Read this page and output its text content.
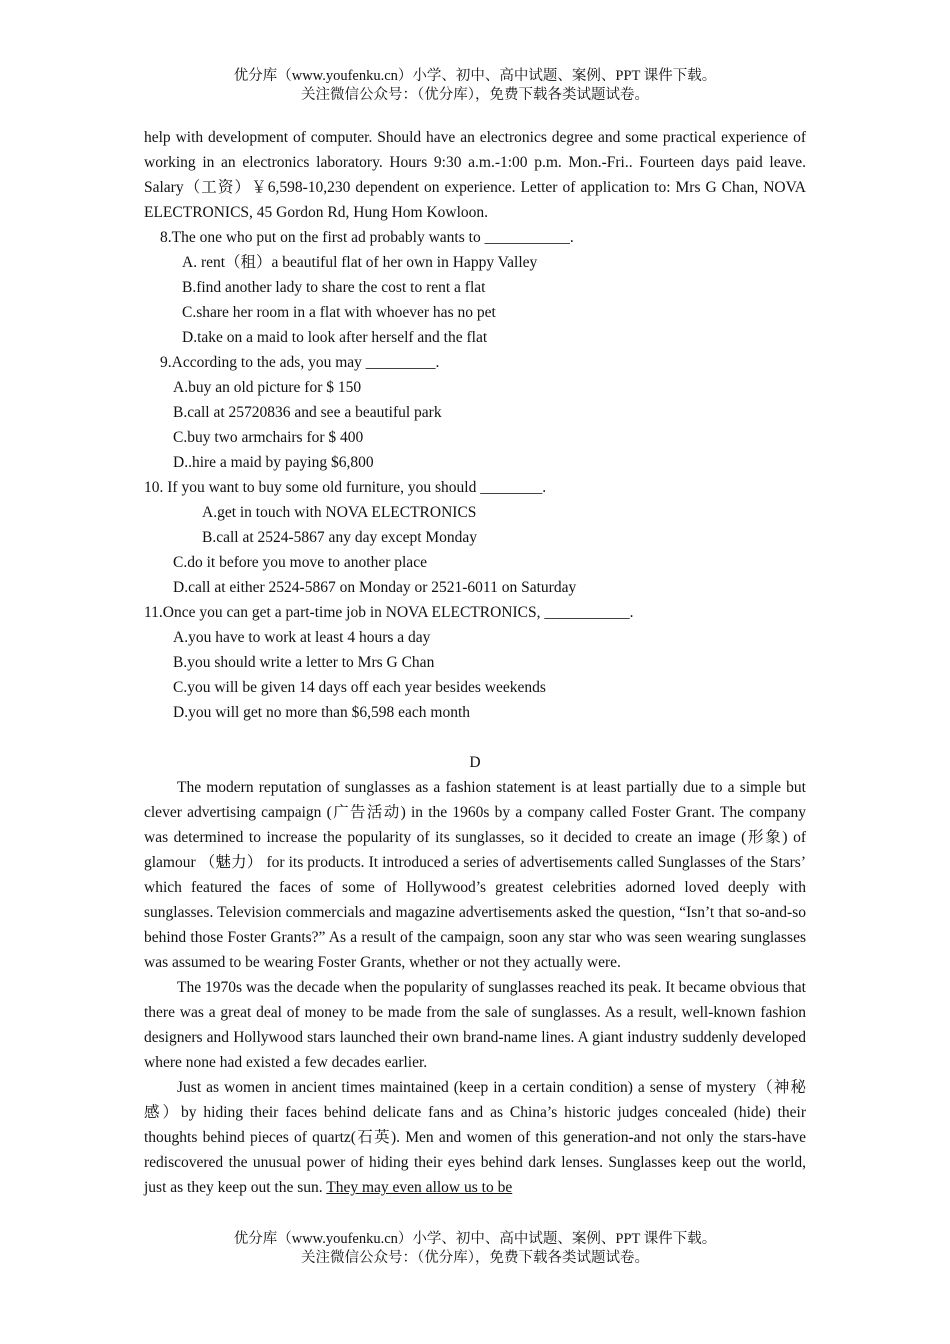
优分库（www.youfenku.cn）小学、初中、高中试题、案例、PPT 课件下载。
关注微信公众号：（优分库），免费下载各类试题试卷。

help with development of computer. Should have an electronics degree and some practical experience of working in an electronics laboratory. Hours 9:30 a.m.-1:00 p.m. Mon.-Fri.. Fourteen days paid leave. Salary（工资）￥6,598-10,230 dependent on experience. Letter of application to: Mrs G Chan, NOVA ELECTRONICS, 45 Gordon Rd, Hung Hom Kowloon.

8.The one who put on the first ad probably wants to ___________.

A. rent（租）a beautiful flat of her own in Happy Valley

B.find another lady to share the cost to rent a flat

C.share her room in a flat with whoever has no pet

D.take on a maid to look after herself and the flat

9.According to the ads, you may _________.

A.buy an old picture for $ 150

B.call at 25720836 and see a beautiful park

C.buy two armchairs for $ 400

D..hire a maid by paying $6,800

10. If you want to buy some old furniture, you should ________.

A.get in touch with NOVA ELECTRONICS

B.call at 2524-5867 any day except Monday

C.do it before you move to another place

D.call at either 2524-5867 on Monday or 2521-6011 on Saturday

11.Once you can get a part-time job in NOVA ELECTRONICS, ___________.

A.you have to work at least 4 hours a day

B.you should write a letter to Mrs G Chan

C.you will be given 14 days off each year besides weekends

D.you will get no more than $6,598 each month

D

The modern reputation of sunglasses as a fashion statement is at least partially due to a simple but clever advertising campaign (广告活动) in the 1960s by a company called Foster Grant. The company was determined to increase the popularity of its sunglasses, so it decided to create an image (形象) of glamour （魅力） for its products. It introduced a series of advertisements called Sunglasses of the Stars’ which featured the faces of some of Hollywood’s greatest celebrities adorned loved deeply with sunglasses. Television commercials and magazine advertisements asked the question, “Isn’t that so-and-so behind those Foster Grants?” As a result of the campaign, soon any star who was seen wearing sunglasses was assumed to be wearing Foster Grants, whether or not they actually were.

The 1970s was the decade when the popularity of sunglasses reached its peak. It became obvious that there was a great deal of money to be made from the sale of sunglasses. As a result, well-known fashion designers and Hollywood stars launched their own brand-name lines. A giant industry suddenly developed where none had existed a few decades earlier.

Just as women in ancient times maintained (keep in a certain condition) a sense of mystery（神秘感）by hiding their faces behind delicate fans and as China’s historic judges concealed (hide) their thoughts behind pieces of quartz(石英). Men and women of this generation-and not only the stars-have rediscovered the unusual power of hiding their eyes behind dark lenses. Sunglasses keep out the world, just as they keep out the sun. They may even allow us to be

优分库（www.youfenku.cn）小学、初中、高中试题、案例、PPT 课件下载。
关注微信公众号：（优分库），免费下载各类试题试卷。
